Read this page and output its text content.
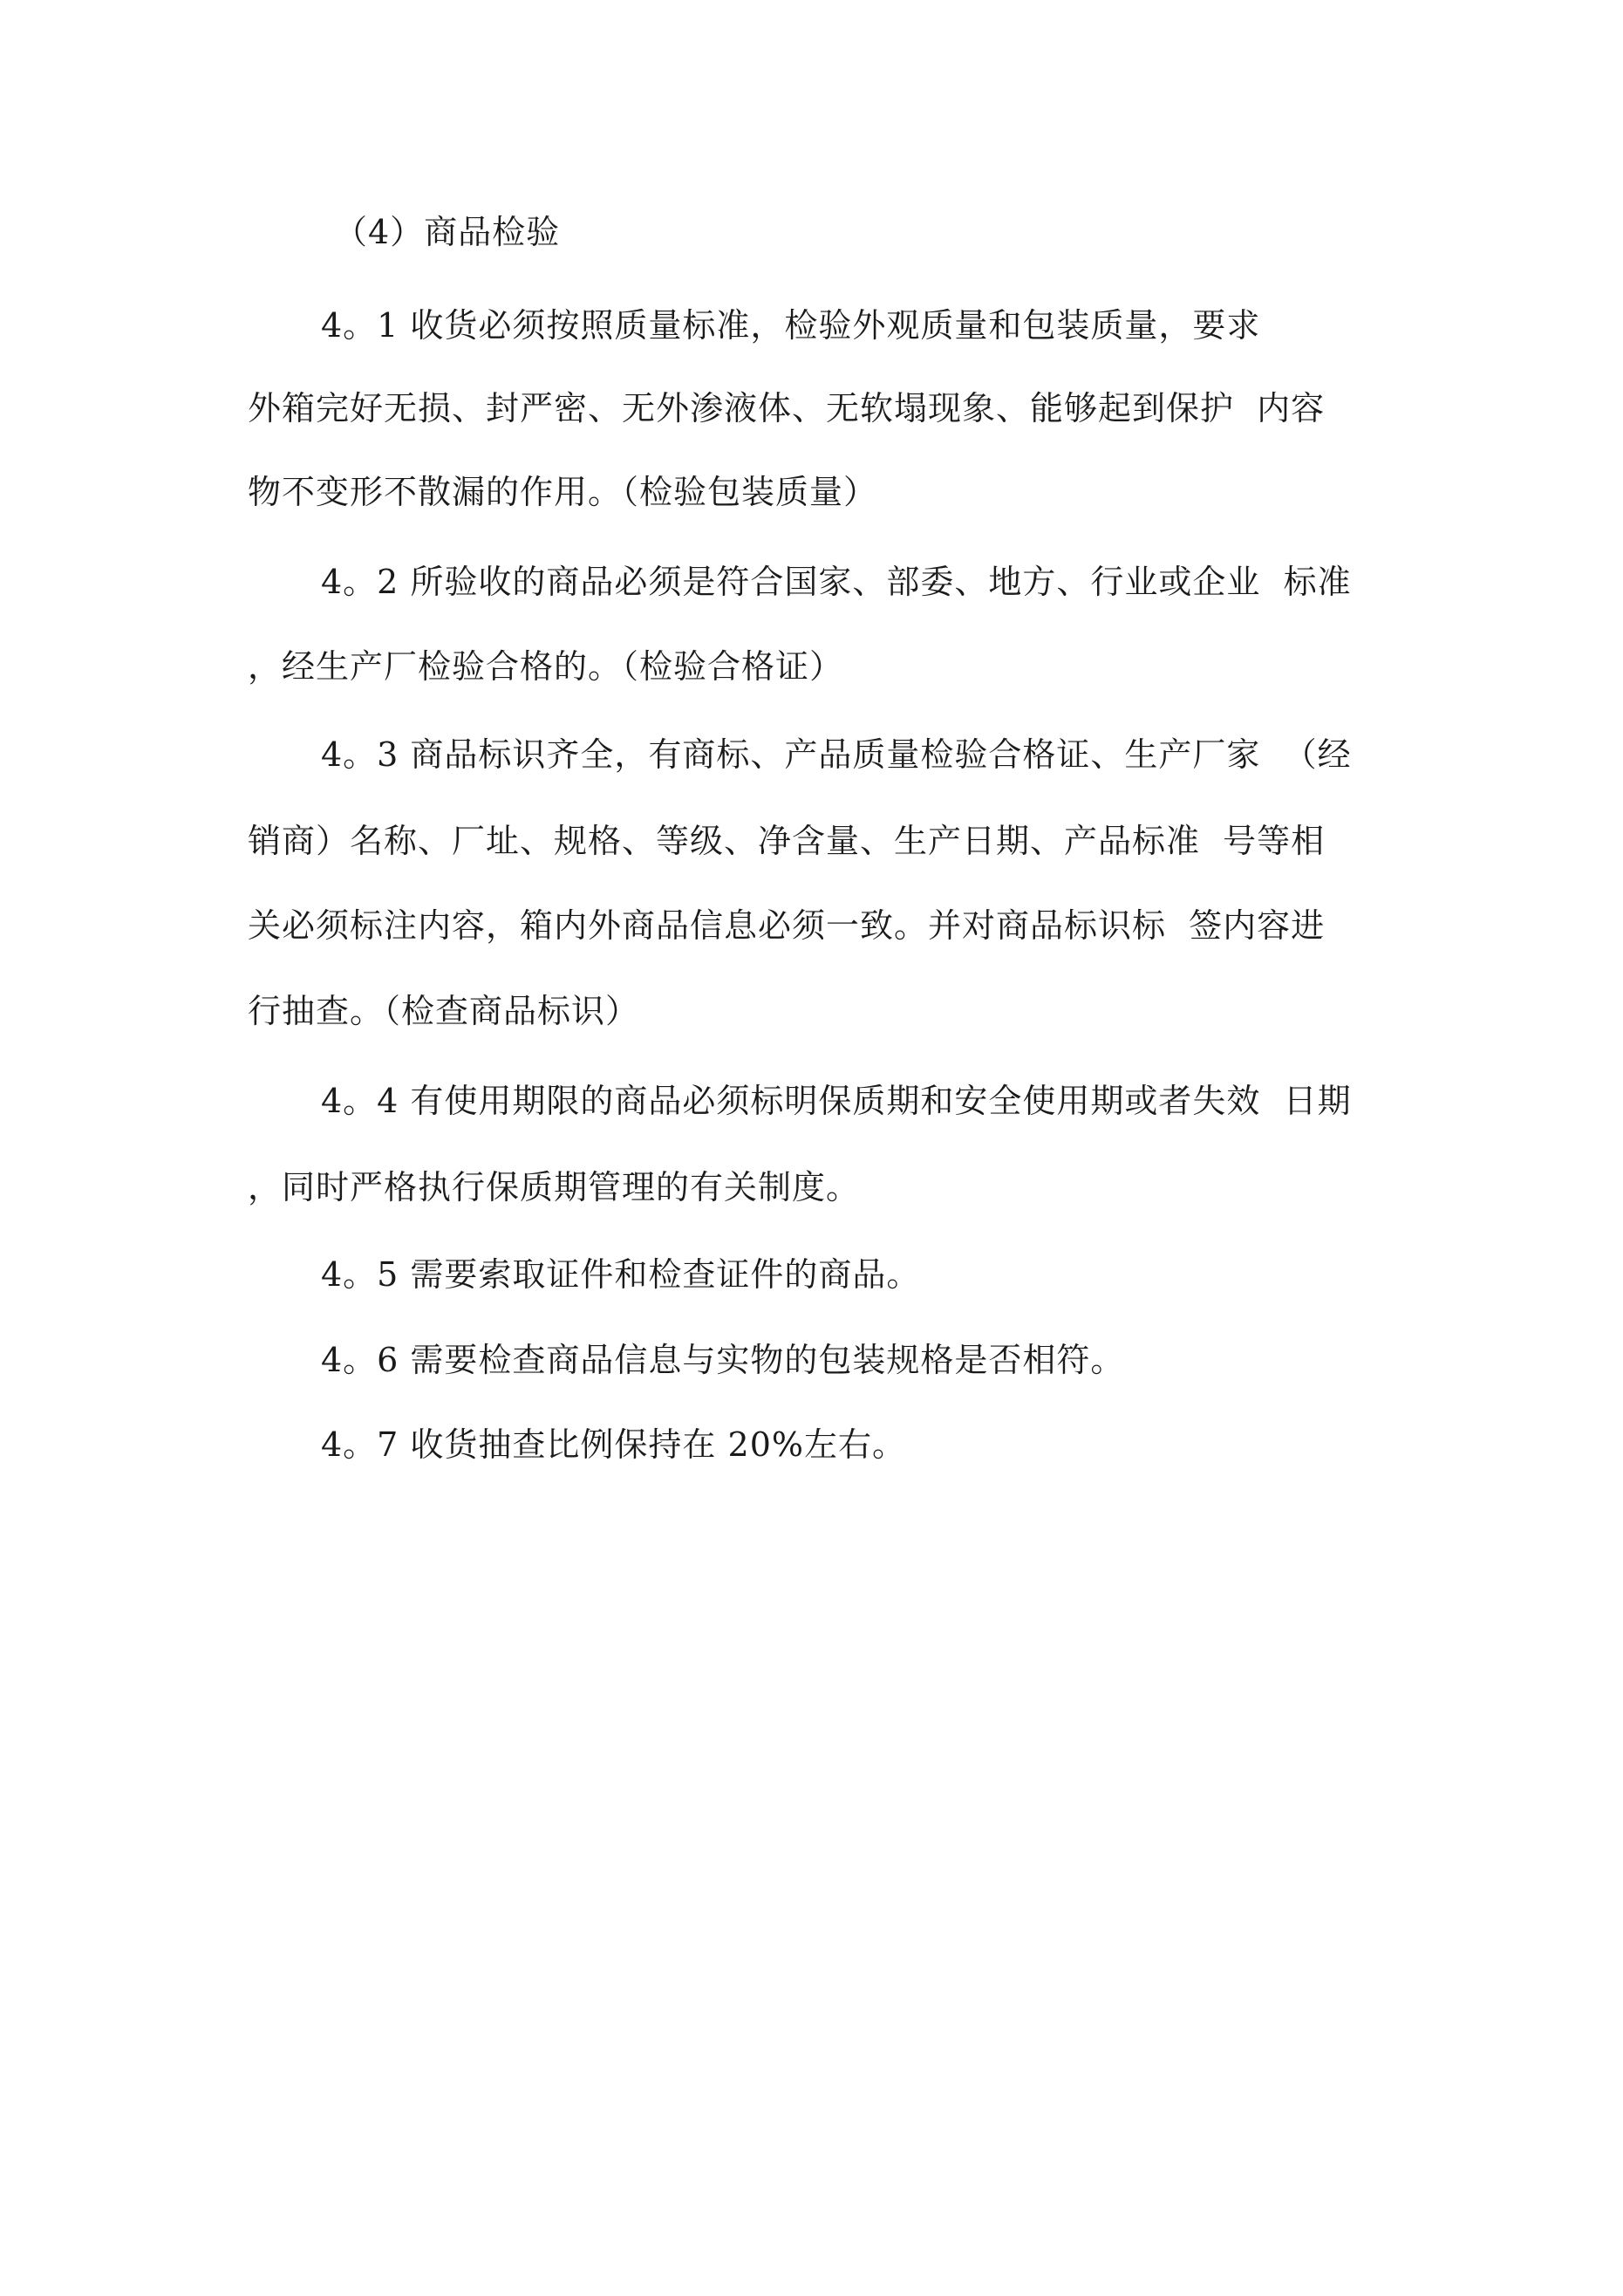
（4）商品检验
4。1 收货必须按照质量标准，检验外观质量和包装质量，要求
外箱完好无损、封严密、无外渗液体、无软塌现象、能够起到保护  内容
物不变形不散漏的作用。（检验包装质量）
4。2 所验收的商品必须是符合国家、部委、地方、行业或企业  标准
，经生产厂检验合格的。（检验合格证）
4。3 商品标识齐全，有商标、产品质量检验合格证、生产厂家  （经
销商）名称、厂址、规格、等级、净含量、生产日期、产品标准  号等相
关必须标注内容，箱内外商品信息必须一致。并对商品标识标  签内容进
行抽查。（检查商品标识）
4。4 有使用期限的商品必须标明保质期和安全使用期或者失效  日期
，同时严格执行保质期管理的有关制度。
4。5 需要索取证件和检查证件的商品。
4。6 需要检查商品信息与实物的包装规格是否相符。
4。7 收货抽查比例保持在 20%左右。
